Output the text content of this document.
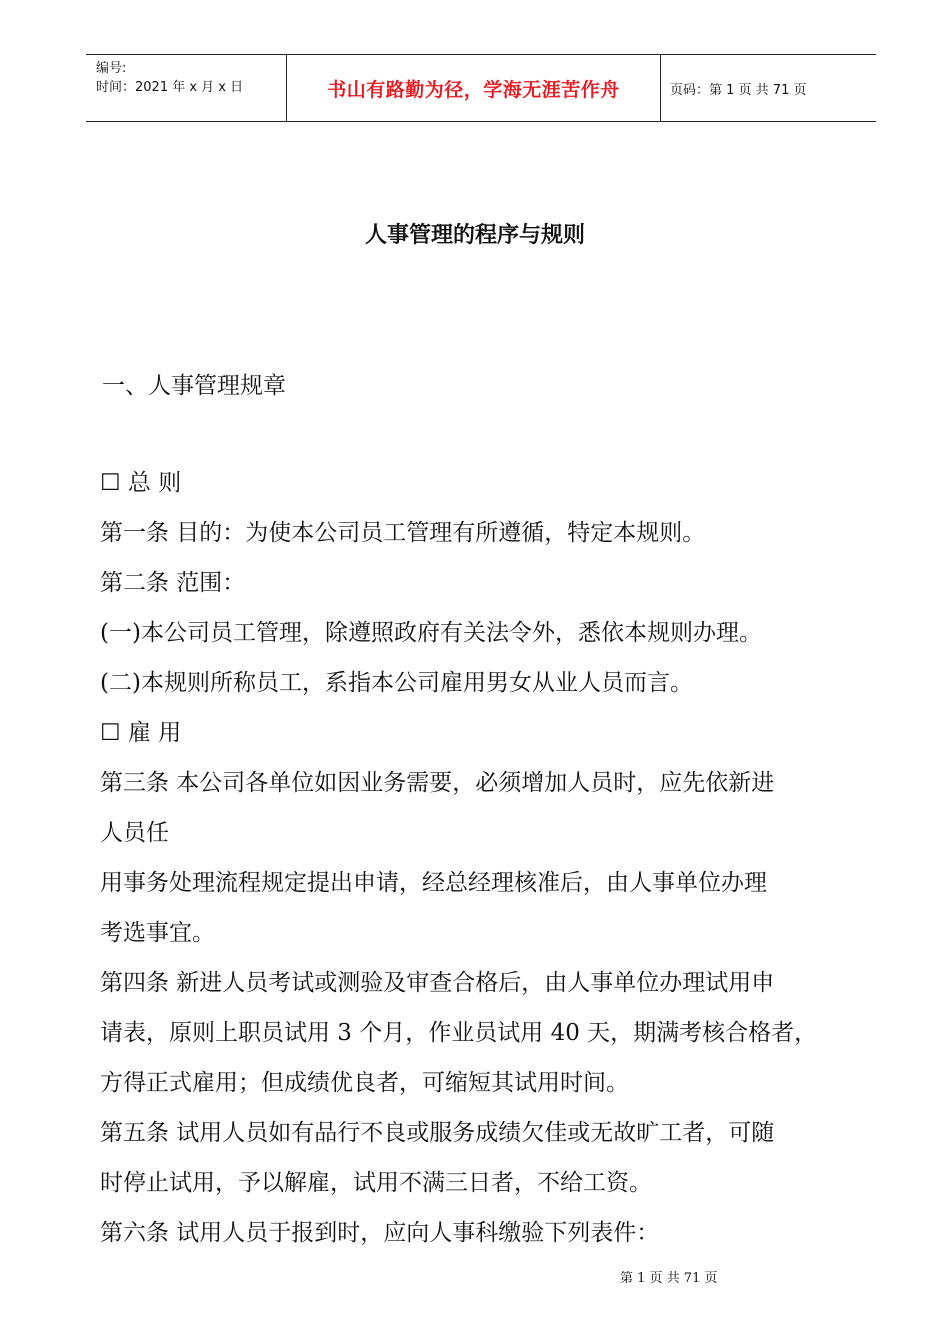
编号:
时间：2021 年 x 月 x 日	书山有路勤为径，学海无涯苦作舟	页码：第 1 页 共 71 页
人事管理的程序与规则
一、人事管理规章

☐ 总 则

第一条 目的：为使本公司员工管理有所遵循，特定本规则。

第二条 范围：

(一)本公司员工管理，除遵照政府有关法令外，悉依本规则办理。

(二)本规则所称员工，系指本公司雇用男女从业人员而言。

☐ 雇 用

第三条 本公司各单位如因业务需要，必须增加人员时，应先依新进

人员任

用事务处理流程规定提出申请，经总经理核准后，由人事单位办理

考选事宜。

第四条 新进人员考试或测验及审查合格后，由人事单位办理试用申

请表，原则上职员试用 3 个月，作业员试用 40 天，期满考核合格者，

方得正式雇用；但成绩优良者，可缩短其试用时间。

第五条 试用人员如有品行不良或服务成绩欠佳或无故旷工者，可随

时停止试用，予以解雇，试用不满三日者，不给工资。

第六条 试用人员于报到时，应向人事科缴验下列表件：

第 1 页 共 71 页
